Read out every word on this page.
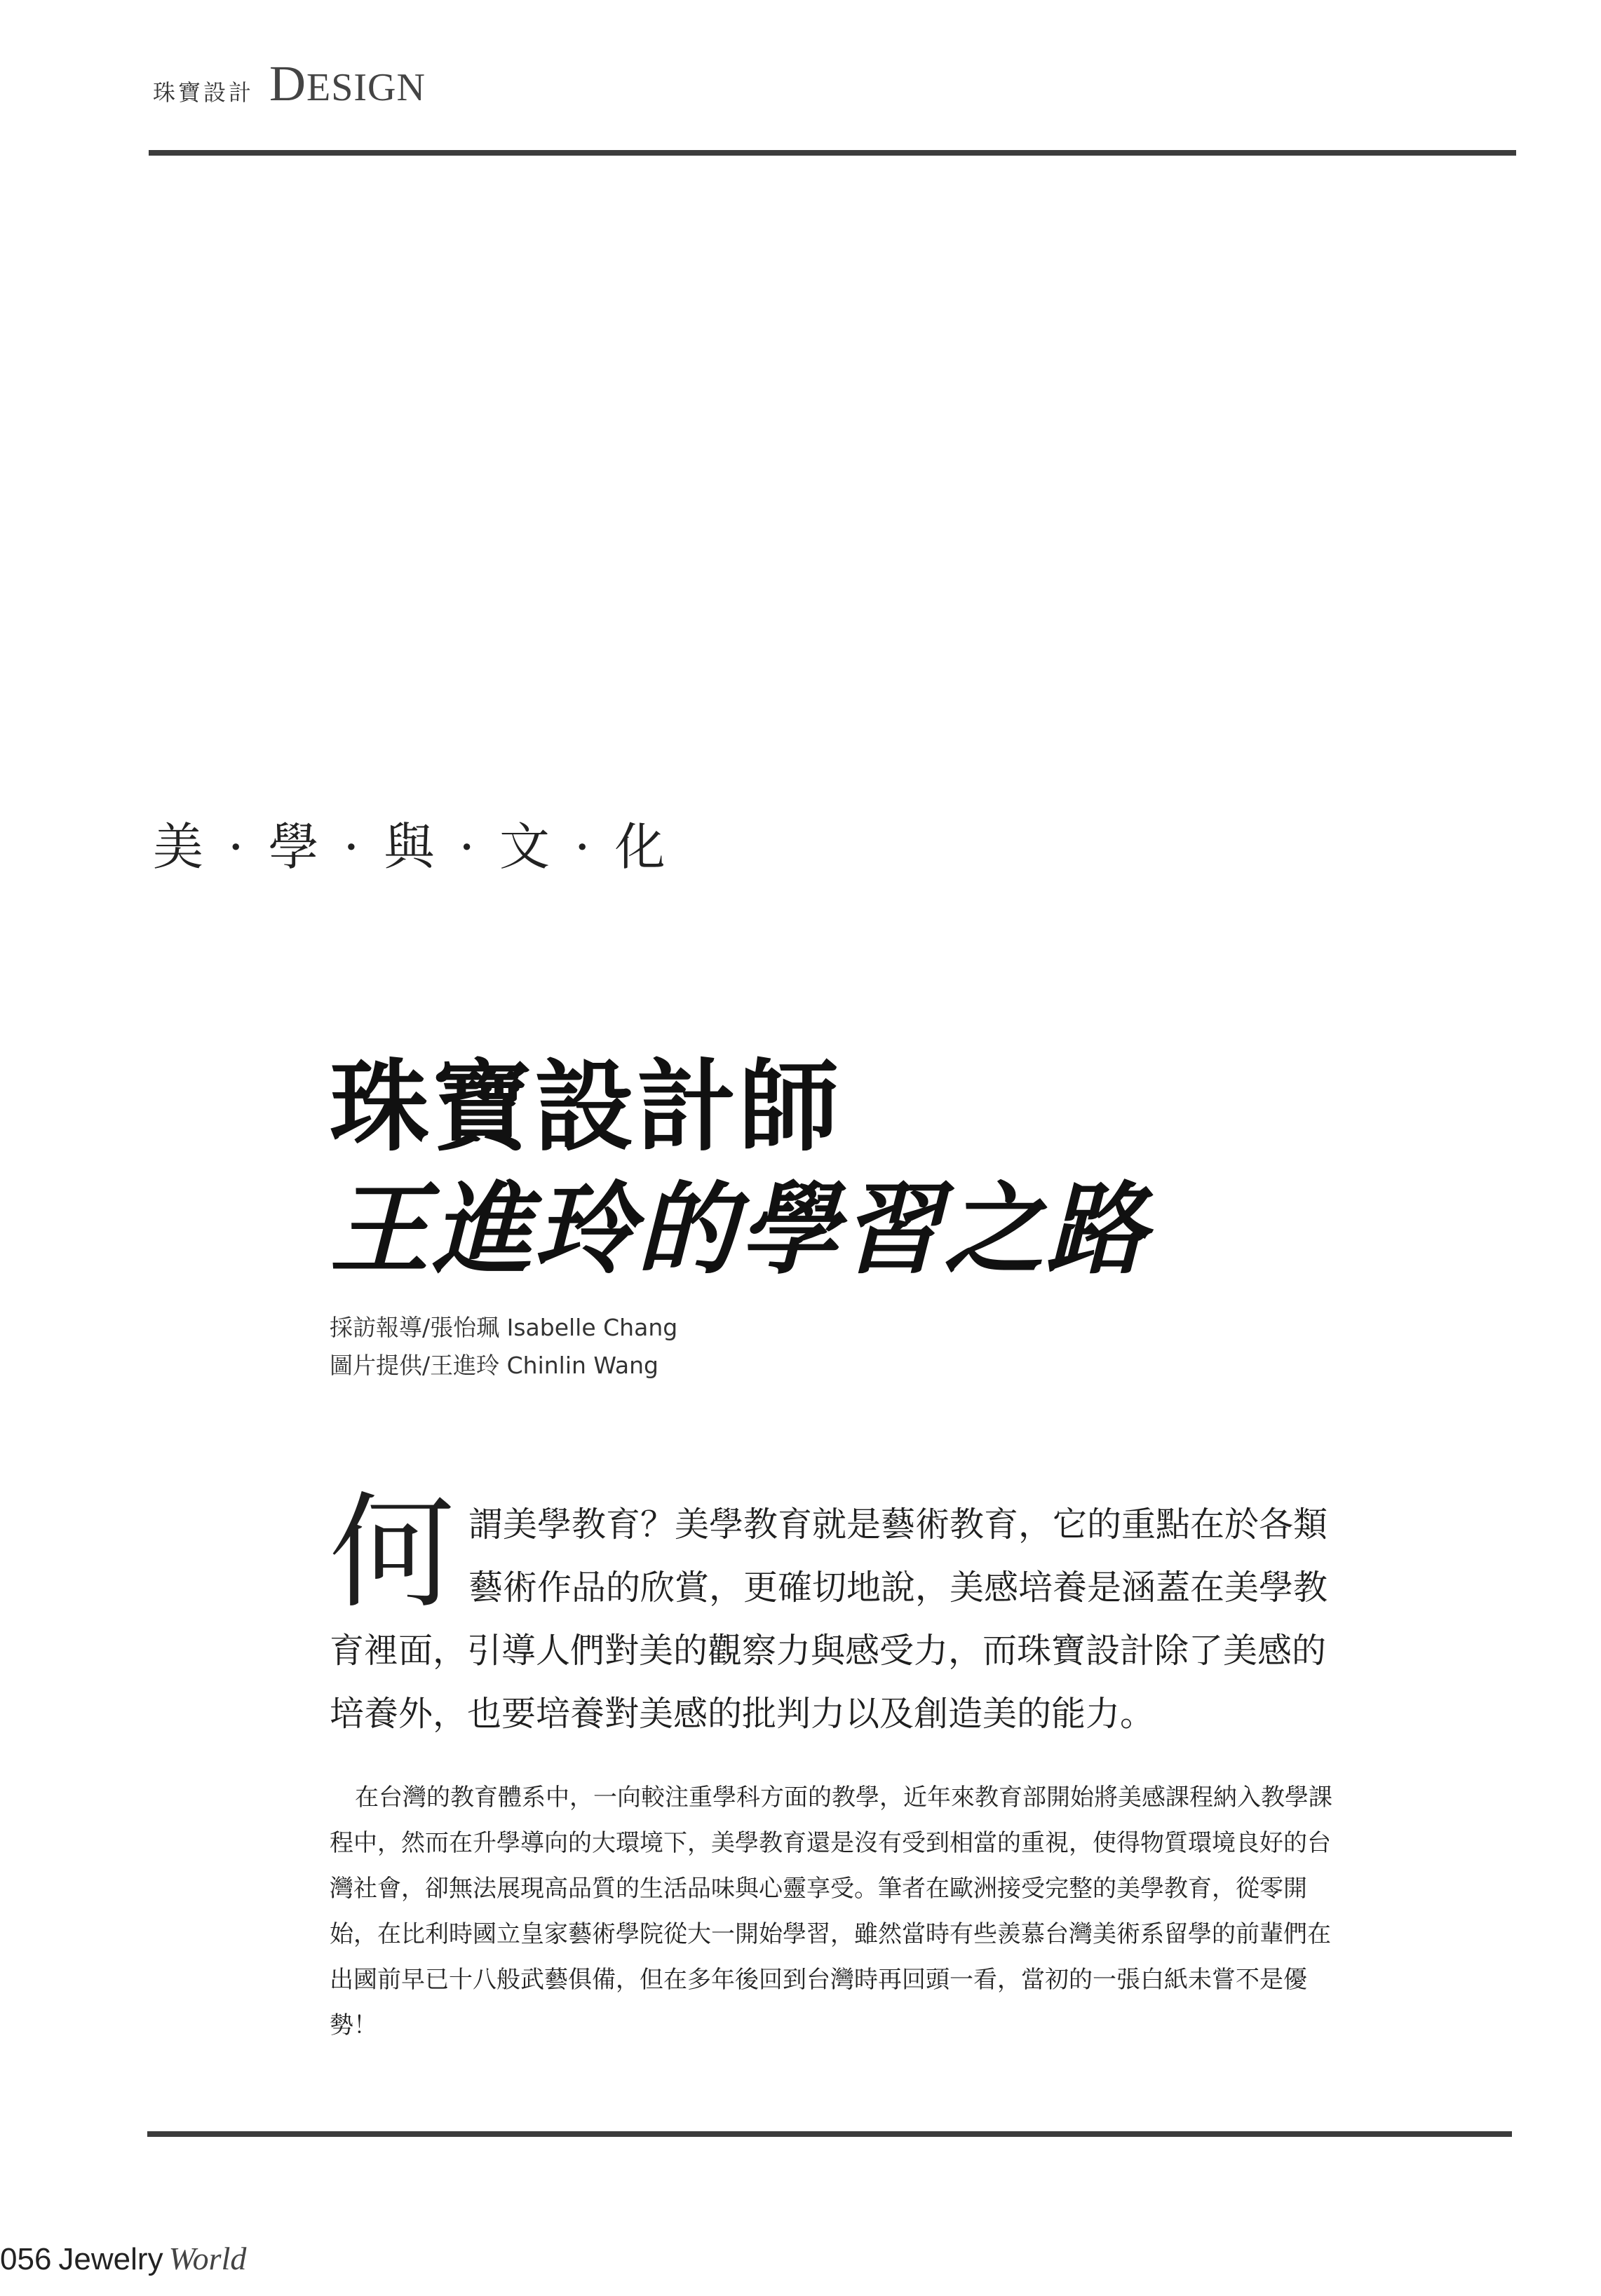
珠寶設計 DESIGN
美 · 學 · 與 · 文 · 化
珠寶設計師
王進玲的學習之路
採訪報導/張怡珮 Isabelle Chang
圖片提供/王進玲 Chinlin Wang
何 謂美學教育？美學教育就是藝術教育，它的重點在於各類藝術作品的欣賞，更確切地說，美感培養是涵蓋在美學教育裡面，引導人們對美的觀察力與感受力，而珠寶設計除了美感的培養外，也要培養對美感的批判力以及創造美的能力。
在台灣的教育體系中，一向較注重學科方面的教學，近年來教育部開始將美感課程納入教學課程中，然而在升學導向的大環境下，美學教育還是沒有受到相當的重視，使得物質環境良好的台灣社會，卻無法展現高品質的生活品味與心靈享受。筆者在歐洲接受完整的美學教育，從零開始，在比利時國立皇家藝術學院從大一開始學習，雖然當時有些羨慕台灣美術系留學的前輩們在出國前早已十八般武藝俱備，但在多年後回到台灣時再回頭一看，當初的一張白紙未嘗不是優勢！
056 Jewelry World
